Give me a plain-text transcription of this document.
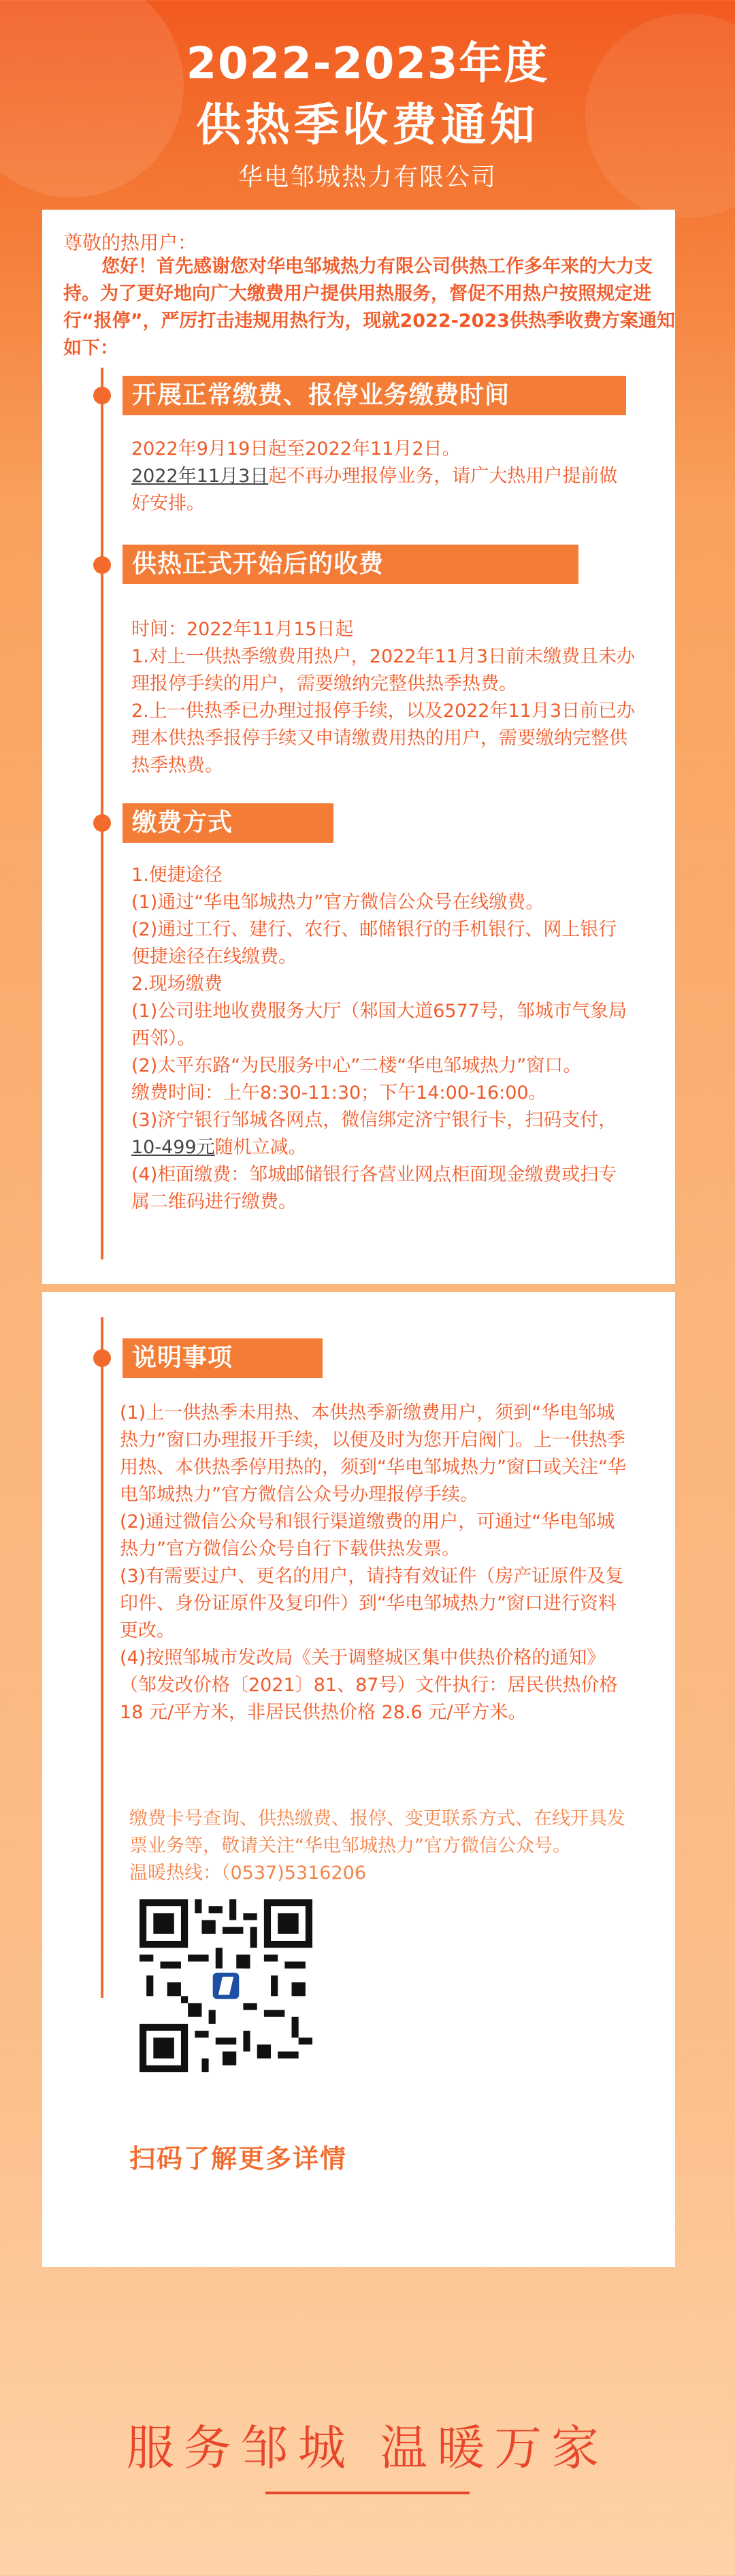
2022-2023年度
供热季收费通知
华电邹城热力有限公司
尊敬的热用户：
您好！首先感谢您对华电邹城热力有限公司供热工作多年来的大力支持。为了更好地向广大缴费用户提供用热服务，督促不用热户按照规定进行“报停”，严厉打击违规用热行为，现就2022-2023供热季收费方案通知如下：
开展正常缴费、报停业务缴费时间
2022年9月19日起至2022年11月2日。
2022年11月3日起不再办理报停业务，请广大热用户提前做好安排。
供热正式开始后的收费
时间：2022年11月15日起
1.对上一供热季缴费用热户，2022年11月3日前未缴费且未办理报停手续的用户，需要缴纳完整供热季热费。
2.上一供热季已办理过报停手续，以及2022年11月3日前已办理本供热季报停手续又申请缴费用热的用户，需要缴纳完整供热季热费。
缴费方式
1.便捷途径
(1)通过“华电邹城热力”官方微信公众号在线缴费。
(2)通过工行、建行、农行、邮储银行的手机银行、网上银行便捷途径在线缴费。
2.现场缴费
(1)公司驻地收费服务大厅（邾国大道6577号，邹城市气象局西邻）。
(2)太平东路“为民服务中心”二楼“华电邹城热力”窗口。
缴费时间：上午8:30-11:30；下午14:00-16:00。
(3)济宁银行邹城各网点，微信绑定济宁银行卡，扫码支付，10-499元随机立减。
(4)柜面缴费：邹城邮储银行各营业网点柜面现金缴费或扫专属二维码进行缴费。
说明事项
(1)上一供热季未用热、本供热季新缴费用户，须到“华电邹城热力”窗口办理报开手续，以便及时为您开启阀门。上一供热季用热、本供热季停用热的，须到“华电邹城热力”窗口或关注“华电邹城热力”官方微信公众号办理报停手续。
(2)通过微信公众号和银行渠道缴费的用户，可通过“华电邹城热力”官方微信公众号自行下载供热发票。
(3)有需要过户、更名的用户，请持有效证件（房产证原件及复印件、身份证原件及复印件）到“华电邹城热力”窗口进行资料更改。
(4)按照邹城市发改局《关于调整城区集中供热价格的通知》（邹发改价格〔2021〕81、87号）文件执行：居民供热价格18 元/平方米，非居民供热价格 28.6 元/平方米。
缴费卡号查询、供热缴费、报停、变更联系方式、在线开具发票业务等，敬请关注“华电邹城热力”官方微信公众号。
温暖热线：（0537)5316206
扫码了解更多详情
服务邹城 温暖万家
